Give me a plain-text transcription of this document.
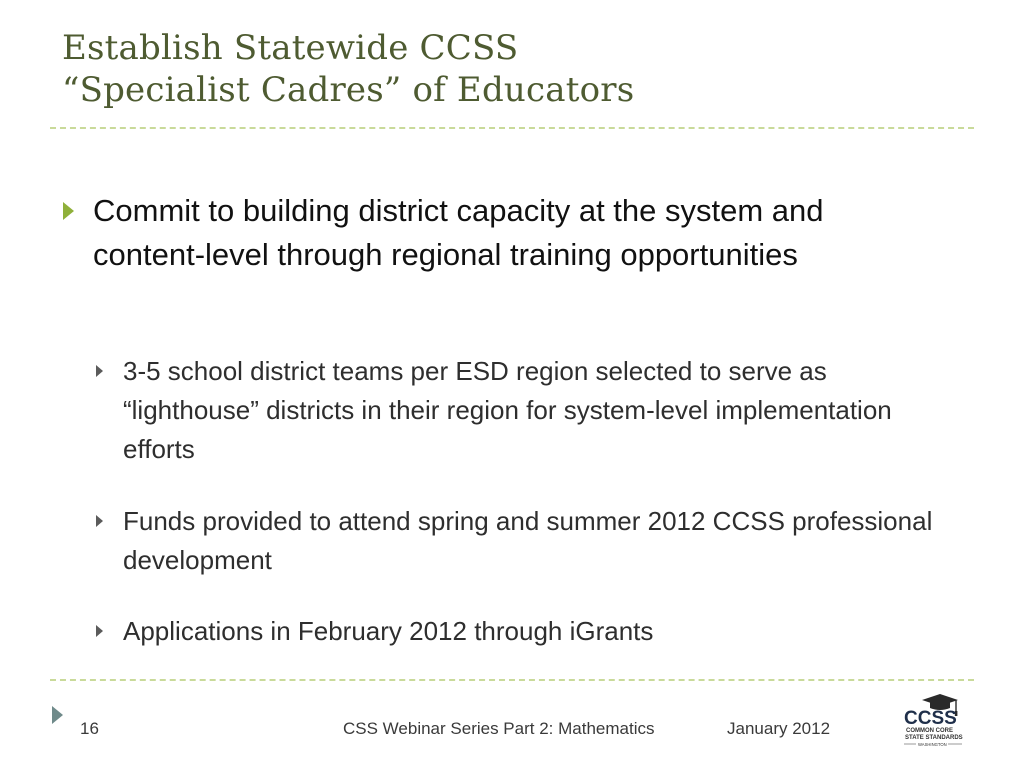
Establish Statewide CCSS
“Specialist Cadres” of Educators
Commit to building district capacity at the system and content-level through regional training opportunities
3-5 school district teams per ESD region selected to serve as “lighthouse” districts in their region for system-level implementation efforts
Funds provided to attend spring and summer 2012 CCSS professional development
Applications in February 2012 through iGrants
16	CSS Webinar Series Part 2: Mathematics	January 2012	CCSS
COMMON CORE
STATE STANDARDS
WASHINGTON
